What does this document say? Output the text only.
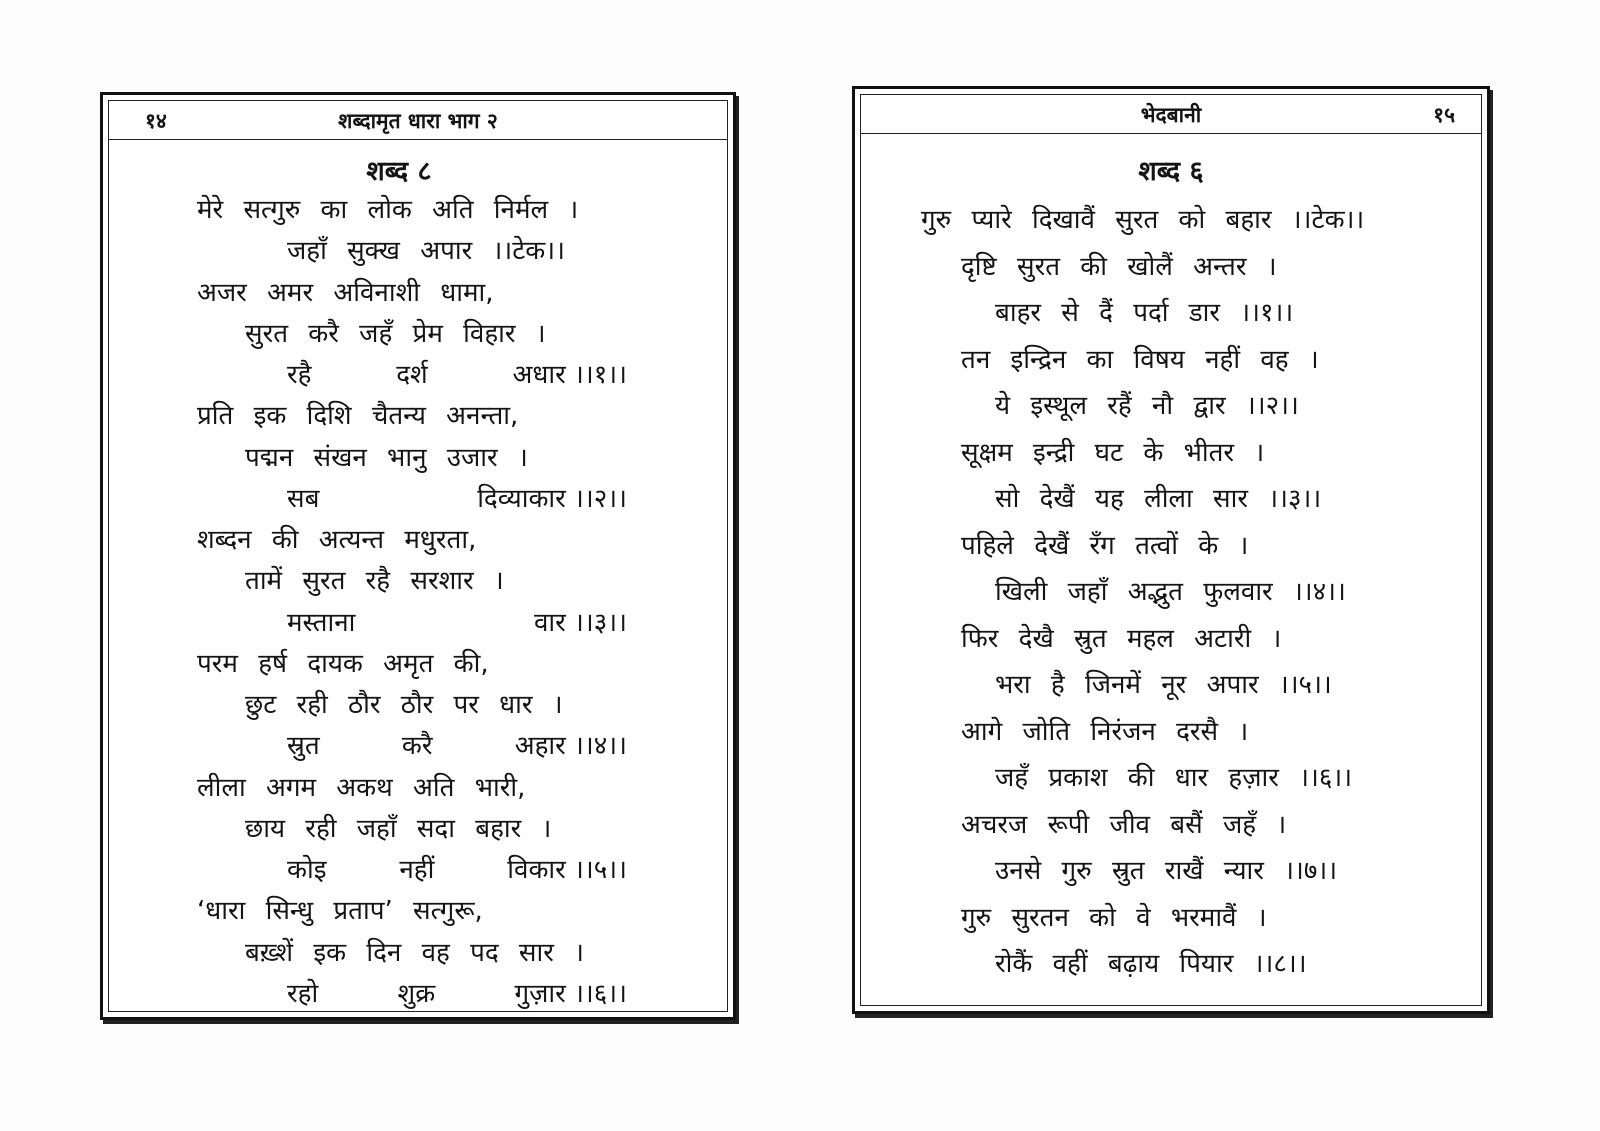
१४	शब्दामृत धारा भाग २
शब्द ८
मेरे सत्गुरु का लोक अति निर्मल ।
जहाँ सुक्ख अपार ।।टेक।।
अजर अमर अविनाशी धामा,
सुरत करै जहँ प्रेम विहार ।
रहै	दर्श	अधार ।।१।।
प्रति इक दिशि चैतन्य अनन्ता,
पद्मन संखन भानु उजार ।
सब	दिव्याकार ।।२।।
शब्दन की अत्यन्त मधुरता,
तामें सुरत रहै सरशार ।
मस्ताना	वार ।।३।।
परम हर्ष दायक अमृत की,
छुट रही ठौर ठौर पर धार ।
स्रुत	करै	अहार ।।४।।
लीला अगम अकथ अति भारी,
छाय रही जहाँ सदा बहार ।
कोइ	नहीं	विकार ।।५।।
‘धारा सिन्धु प्रताप’ सत्गुरू,
बख़्शें इक दिन वह पद सार ।
रहो	शुक्र	गुज़ार ।।६।।
भेदबानी	१५
शब्द ६
गुरु प्यारे दिखावैं सुरत को बहार ।।टेक।।
दृष्टि सुरत की खोलैं अन्तर ।
बाहर से दैं पर्दा डार ।।१।।
तन इन्द्रिन का विषय नहीं वह ।
ये इस्थूल रहैं नौ द्वार ।।२।।
सूक्षम इन्द्री घट के भीतर ।
सो देखैं यह लीला सार ।।३।।
पहिले देखैं रँग तत्वों के ।
खिली जहाँ अद्भुत फुलवार ।।४।।
फिर देखै स्रुत महल अटारी ।
भरा है जिनमें नूर अपार ।।५।।
आगे जोति निरंजन दरसै ।
जहँ प्रकाश की धार हज़ार ।।६।।
अचरज रूपी जीव बसैं जहँ ।
उनसे गुरु स्रुत राखैं न्यार ।।७।।
गुरु सुरतन को वे भरमावैं ।
रोकैं वहीं बढ़ाय पियार ।।८।।
